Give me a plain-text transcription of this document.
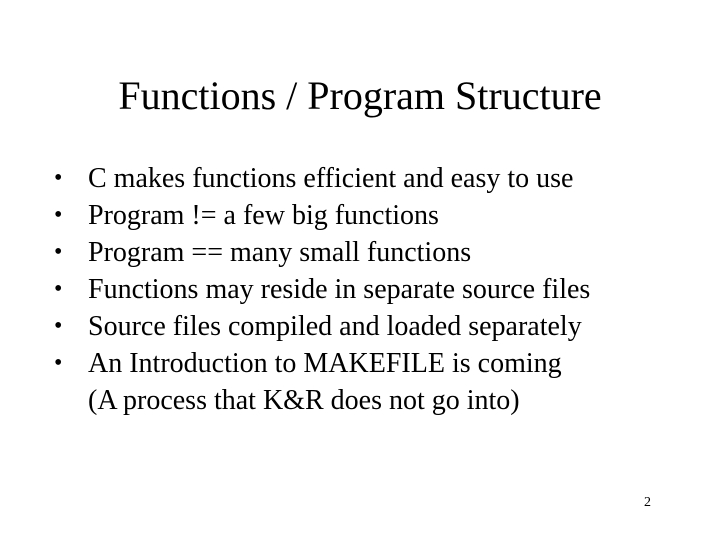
Functions / Program Structure
• C makes functions efficient and easy to use
• Program != a few big functions
• Program == many small functions
• Functions may reside in separate source files
• Source files compiled and loaded separately
• An Introduction to MAKEFILE is coming
(A process that K&R does not go into)
2
